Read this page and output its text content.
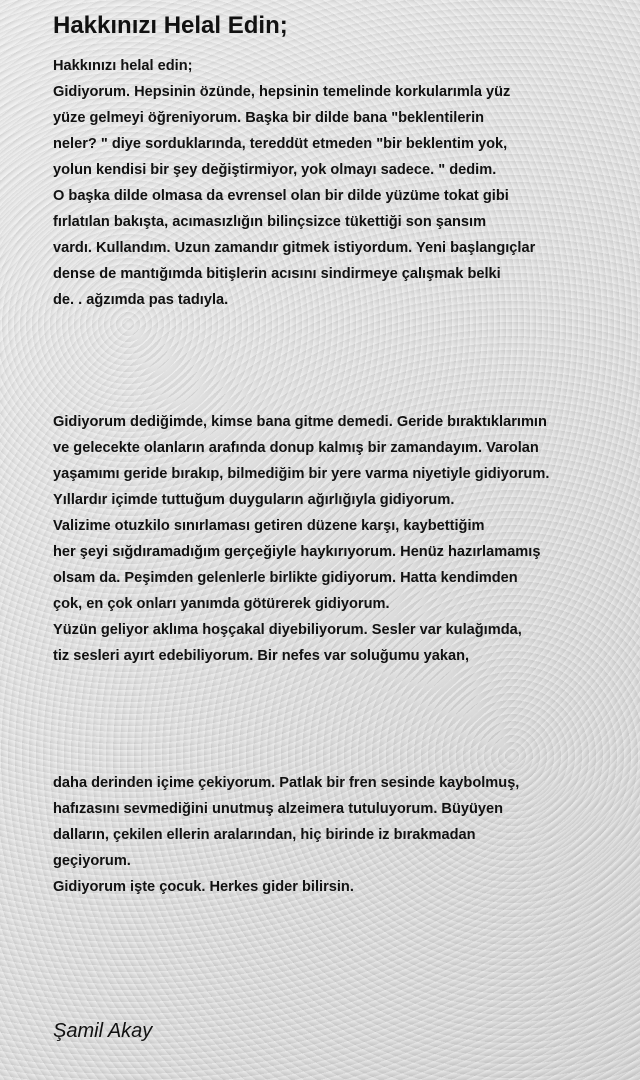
Hakkınızı Helal Edin;
Hakkınızı helal edin;
Gidiyorum. Hepsinin özünde, hepsinin temelinde korkularımla yüz
yüze gelmeyi öğreniyorum. Başka bir dilde bana "beklentilerin
neler? " diye sorduklarında, tereddüt etmeden "bir beklentim yok,
yolun kendisi bir şey değiştirmiyor, yok olmayı sadece. " dedim.
O başka dilde olmasa da evrensel olan bir dilde yüzüme tokat gibi
fırlatılan bakışta, acımasızlığın bilinçsizce tükettiği son şansım
vardı. Kullandım. Uzun zamandır gitmek istiyordum. Yeni başlangıçlar
dense de mantığımda bitişlerin acısını sindirmeye çalışmak belki
de. . ağzımda pas tadıyla.
Gidiyorum dediğimde, kimse bana gitme demedi. Geride bıraktıklarımın
ve gelecekte olanların arafında donup kalmış bir zamandayım. Varolan
yaşamımı geride bırakıp, bilmediğim bir yere varma niyetiyle gidiyorum.
Yıllardır içimde tuttuğum duyguların ağırlığıyla gidiyorum.
Valizime otuzkilo sınırlaması getiren düzene karşı, kaybettiğim
her şeyi sığdıramadığım gerçeğiyle haykırıyorum. Henüz hazırlamamış
olsam da. Peşimden gelenlerle birlikte gidiyorum. Hatta kendimden
çok, en çok onları yanımda götürerek gidiyorum.
Yüzün geliyor aklıma hoşçakal diyebiliyorum. Sesler var kulağımda,
tiz sesleri ayırt edebiliyorum. Bir nefes var soluğumu yakan,
daha derinden içime çekiyorum. Patlak bir fren sesinde kaybolmuş,
hafızasını sevmediğini unutmuş alzeimera tutuluyorum. Büyüyen
dalların, çekilen ellerin aralarından, hiç birinde iz bırakmadan
geçiyorum.
Gidiyorum işte çocuk. Herkes gider bilirsin.

Şamil Akay
